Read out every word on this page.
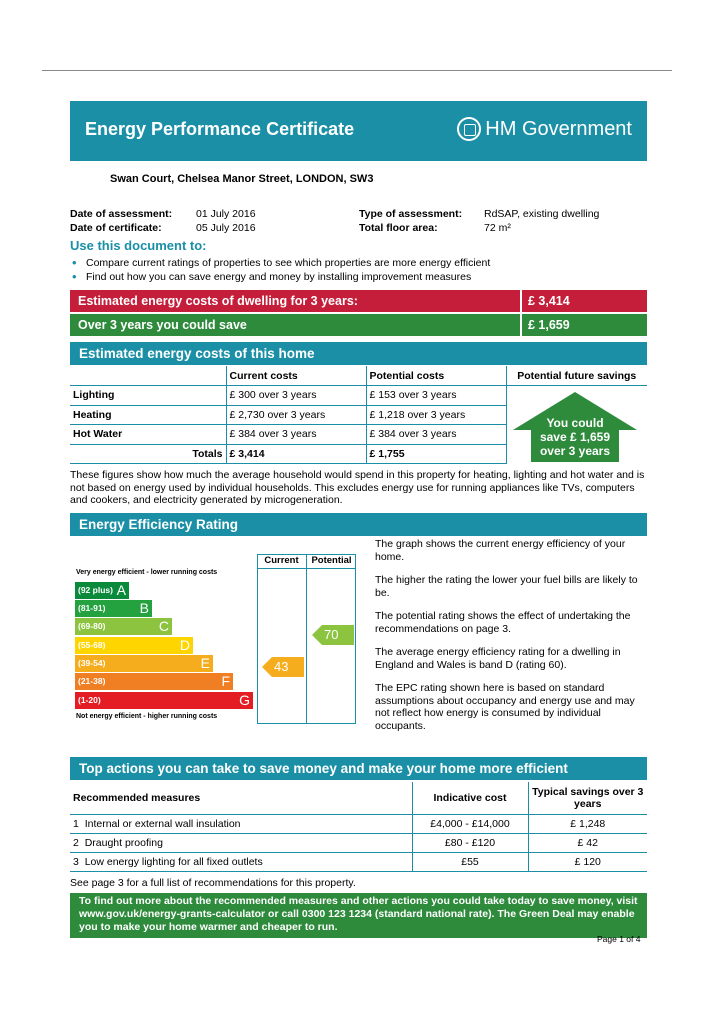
Energy Performance Certificate	HM Government
Swan Court, Chelsea Manor Street, LONDON, SW3
Date of assessment: 01 July 2016
Date of certificate:	05 July 2016
Type of assessment: RdSAP, existing dwelling
Total floor area:	72 m²
Use this document to:
• Compare current ratings of properties to see which properties are more energy efficient
• Find out how you can save energy and money by installing improvement measures
Estimated energy costs of dwelling for 3 years:	£ 3,414
Over 3 years you could save	£ 1,659
Estimated energy costs of this home
	Current costs	Potential costs	Potential future savings
Lighting	£ 300 over 3 years	£ 153 over 3 years	
Heating	£ 2,730 over 3 years	£ 1,218 over 3 years	
Hot Water	£ 384 over 3 years	£ 384 over 3 years	
Totals	£ 3,414	£ 1,755	
You could
save £ 1,659
over 3 years
These figures show how much the average household would spend in this property for heating, lighting and hot water and is not based on energy used by individual households. This excludes energy use for running appliances like TVs, computers and cookers, and electricity generated by microgeneration.
Energy Efficiency Rating
Current	Potential
Very energy efficient - lower running costs
Not energy efficient - higher running costs
(92 plus) A
(81-91) B
(69-80)	C
(55-68)	D
(39-54)	E
(21-38)	F
(1-20)	G
43
70
The graph shows the current energy efficiency of your home.
The higher the rating the lower your fuel bills are likely to be.
The potential rating shows the effect of undertaking the recommendations on page 3.
The average energy efficiency rating for a dwelling in England and Wales is band D (rating 60).
The EPC rating shown here is based on standard assumptions about occupancy and energy use and may not reflect how energy is consumed by individual occupants.
Top actions you can take to save money and make your home more efficient
Recommended measures	Indicative cost	Typical savings over 3 years
1 Internal or external wall insulation	£4,000 - £14,000	£ 1,248
2 Draught proofing	£80 - £120	£ 42
3 Low energy lighting for all fixed outlets	£55	£ 120
See page 3 for a full list of recommendations for this property.
To find out more about the recommended measures and other actions you could take today to save money, visit www.gov.uk/energy-grants-calculator or call 0300 123 1234 (standard national rate). The Green Deal may enable you to make your home warmer and cheaper to run.
Page 1 of 4
